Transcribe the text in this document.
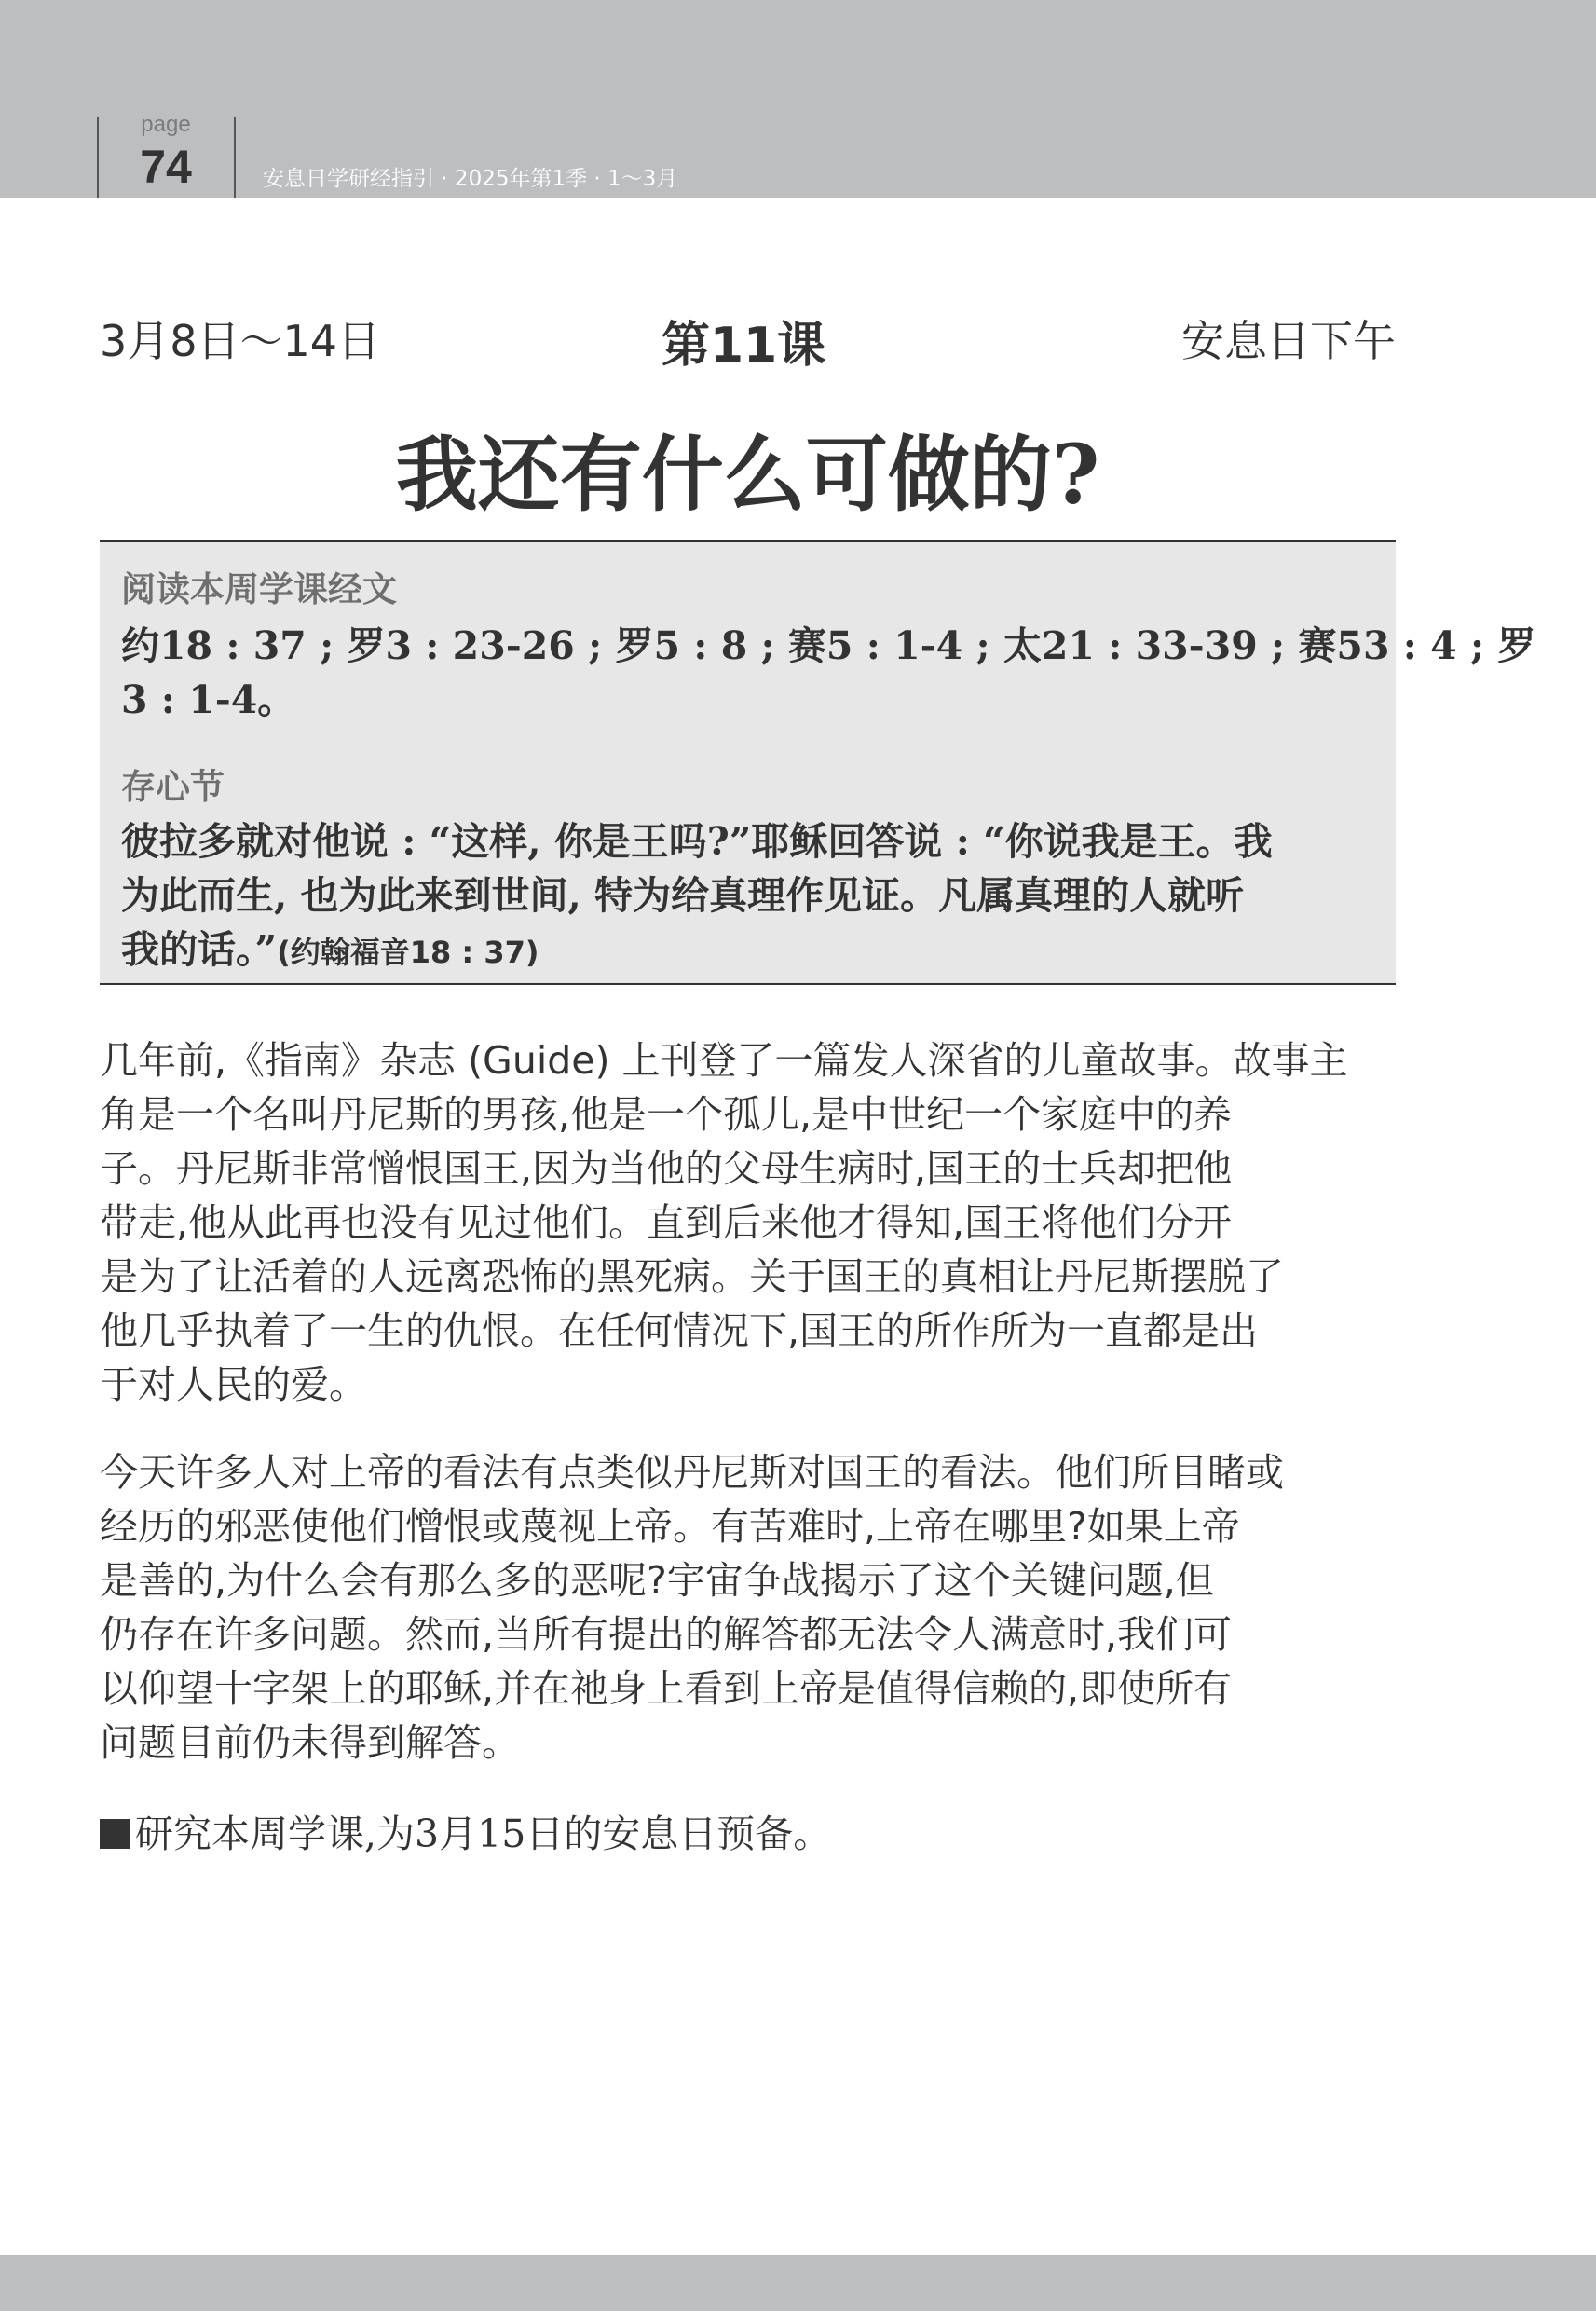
page
74	安息日学研经指引 · 2025年第1季 · 1～3月
3月8日～14日	第11课	安息日下午
我还有什么可做的?
阅读本周学课经文
约18 : 37 ; 罗3 : 23-26 ; 罗5 : 8 ; 赛5 : 1-4 ; 太21 : 33-39 ; 赛53 : 4 ; 罗
3 : 1-4。
存心节
彼拉多就对他说 : “这样, 你是王吗?”耶稣回答说 : “你说我是王。我
为此而生, 也为此来到世间, 特为给真理作见证。凡属真理的人就听
我的话。”(约翰福音18 : 37)
几年前,《指南》杂志 (Guide) 上刊登了一篇发人深省的儿童故事。故事主
角是一个名叫丹尼斯的男孩,他是一个孤儿,是中世纪一个家庭中的养
子。丹尼斯非常憎恨国王,因为当他的父母生病时,国王的士兵却把他
带走,他从此再也没有见过他们。直到后来他才得知,国王将他们分开
是为了让活着的人远离恐怖的黑死病。关于国王的真相让丹尼斯摆脱了
他几乎执着了一生的仇恨。在任何情况下,国王的所作所为一直都是出
于对人民的爱。
今天许多人对上帝的看法有点类似丹尼斯对国王的看法。他们所目睹或
经历的邪恶使他们憎恨或蔑视上帝。有苦难时,上帝在哪里?如果上帝
是善的,为什么会有那么多的恶呢?宇宙争战揭示了这个关键问题,但
仍存在许多问题。然而,当所有提出的解答都无法令人满意时,我们可
以仰望十字架上的耶稣,并在祂身上看到上帝是值得信赖的,即使所有
问题目前仍未得到解答。
研究本周学课,为3月15日的安息日预备。
